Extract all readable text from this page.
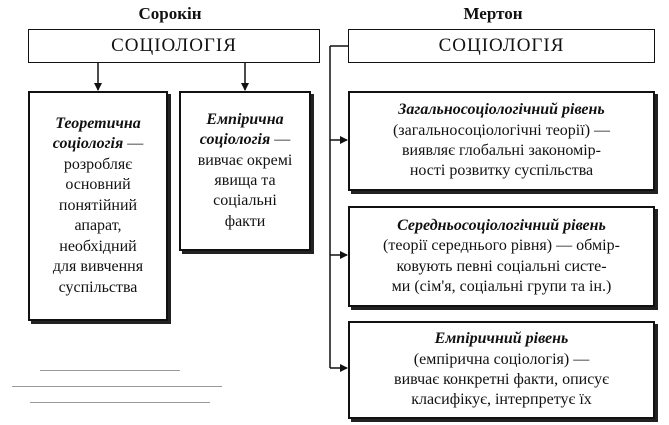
Сорокін	Мертон
СОЦІОЛОГІЯ	СОЦІОЛОГІЯ
Теоретична
соціологія —
розробляє
основний
понятійний
апарат,
необхідний
для вивчення
суспільства
Емпірична
соціологія —
вивчає окремі
явища та
соціальні
факти
Загальносоціологічний рівень
(загальносоціологічні теорії) —
виявляє глобальні закономір-
ності розвитку суспільства
Середньосоціологічний рівень
(теорії середнього рівня) — обмір-
ковують певні соціальні систе-
ми (сім'я, соціальні групи та ін.)
Емпіричний рівень
(емпірична соціологія) —
вивчає конкретні факти, описує
класифікує, інтерпретує їх
